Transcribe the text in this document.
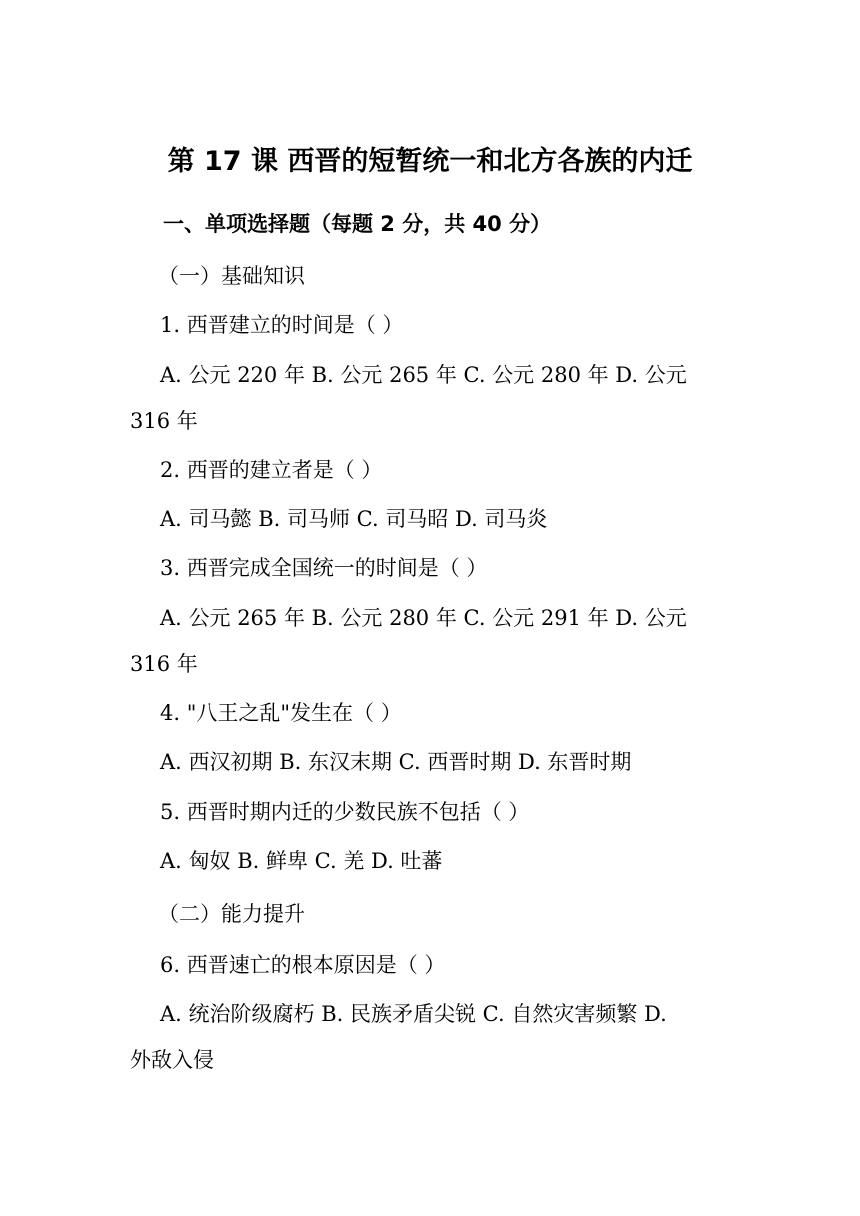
第 17 课 西晋的短暂统一和北方各族的内迁
一、单项选择题（每题 2 分，共 40 分）
（一）基础知识
1. 西晋建立的时间是（ ）
A. 公元 220 年 B. 公元 265 年 C. 公元 280 年 D. 公元
316 年
2. 西晋的建立者是（ ）
A. 司马懿 B. 司马师 C. 司马昭 D. 司马炎
3. 西晋完成全国统一的时间是（ ）
A. 公元 265 年 B. 公元 280 年 C. 公元 291 年 D. 公元
316 年
4. "八王之乱"发生在（ ）
A. 西汉初期 B. 东汉末期 C. 西晋时期 D. 东晋时期
5. 西晋时期内迁的少数民族不包括（ ）
A. 匈奴 B. 鲜卑 C. 羌 D. 吐蕃
（二）能力提升
6. 西晋速亡的根本原因是（ ）
A. 统治阶级腐朽 B. 民族矛盾尖锐 C. 自然灾害频繁 D.
外敌入侵
